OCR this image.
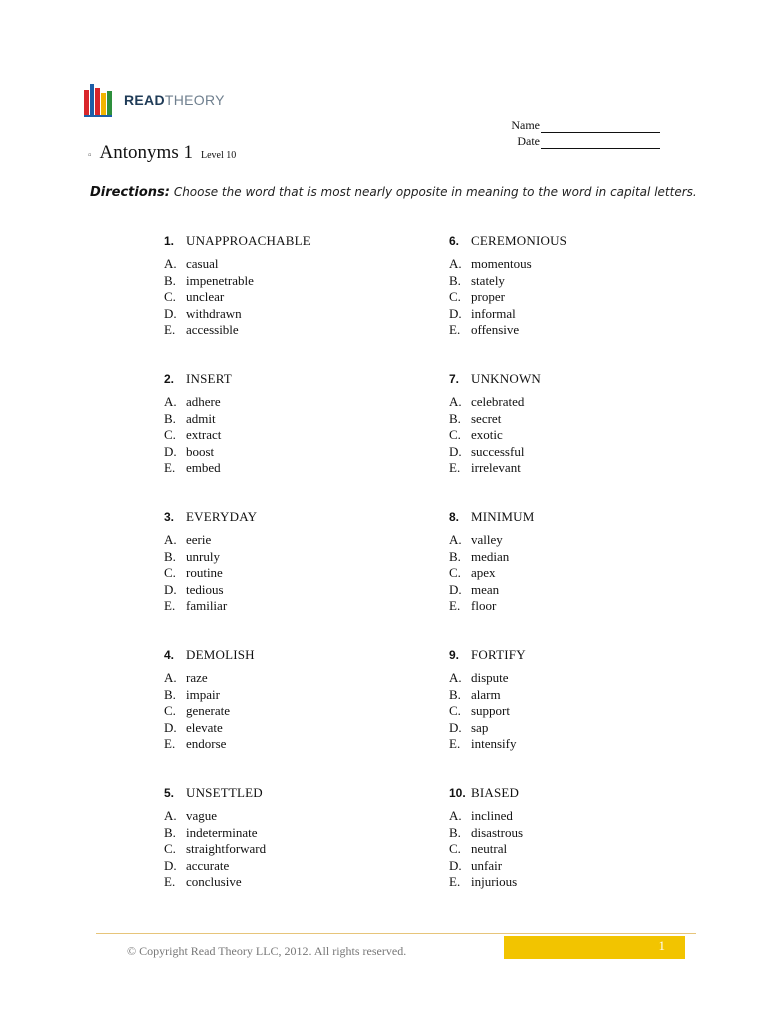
READTHEORY
Name
Date
▫ Antonyms 1 Level 10
Directions: Choose the word that is most nearly opposite in meaning to the word in capital letters.
1. UNAPPROACHABLE
A. casual
B. impenetrable
C. unclear
D. withdrawn
E. accessible
2. INSERT
A. adhere
B. admit
C. extract
D. boost
E. embed
3. EVERYDAY
A. eerie
B. unruly
C. routine
D. tedious
E. familiar
4. DEMOLISH
A. raze
B. impair
C. generate
D. elevate
E. endorse
5. UNSETTLED
A. vague
B. indeterminate
C. straightforward
D. accurate
E. conclusive
6. CEREMONIOUS
A. momentous
B. stately
C. proper
D. informal
E. offensive
7. UNKNOWN
A. celebrated
B. secret
C. exotic
D. successful
E. irrelevant
8. MINIMUM
A. valley
B. median
C. apex
D. mean
E. floor
9. FORTIFY
A. dispute
B. alarm
C. support
D. sap
E. intensify
10. BIASED
A. inclined
B. disastrous
C. neutral
D. unfair
E. injurious
1
© Copyright Read Theory LLC, 2012. All rights reserved.
